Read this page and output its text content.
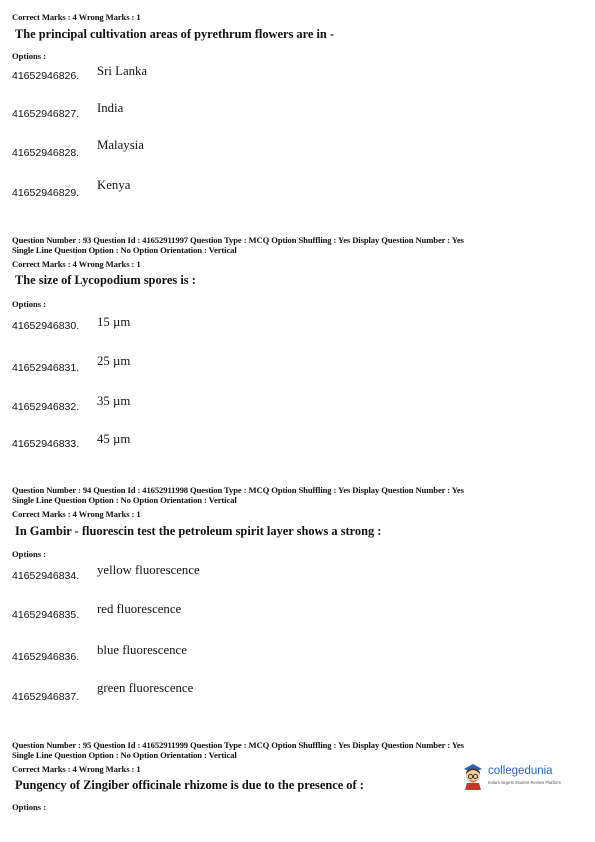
Correct Marks : 4 Wrong Marks : 1
The principal cultivation areas of pyrethrum flowers are in -
Options :
41652946826. Sri Lanka
41652946827. India
41652946828.
Malaysia
41652946829.
Kenya
Question Number : 93 Question Id : 41652911997 Question Type : MCQ Option Shuffling : Yes Display Question Number : Yes
Single Line Question Option : No Option Orientation : Vertical
Correct Marks : 4 Wrong Marks : 1
The size of Lycopodium spores is :
Options :
41652946830. 15 µm
41652946831. 25 µm
41652946832. 35 µm
41652946833. 45 µm
Question Number : 94 Question Id : 41652911998 Question Type : MCQ Option Shuffling : Yes Display Question Number : Yes
Single Line Question Option : No Option Orientation : Vertical
Correct Marks : 4 Wrong Marks : 1
In Gambir - fluorescin test the petroleum spirit layer shows a strong :
Options :
41652946834. yellow fluorescence
41652946835. red fluorescence
41652946836. blue fluorescence
41652946837.
green fluorescence
Question Number : 95 Question Id : 41652911999 Question Type : MCQ Option Shuffling : Yes Display Question Number : Yes
Single Line Question Option : No Option Orientation : Vertical
Correct Marks : 4 Wrong Marks : 1
Pungency of Zingiber officinale rhizome is due to the presence of :
Options :
collegedunia
India's largest Student Review Platform
